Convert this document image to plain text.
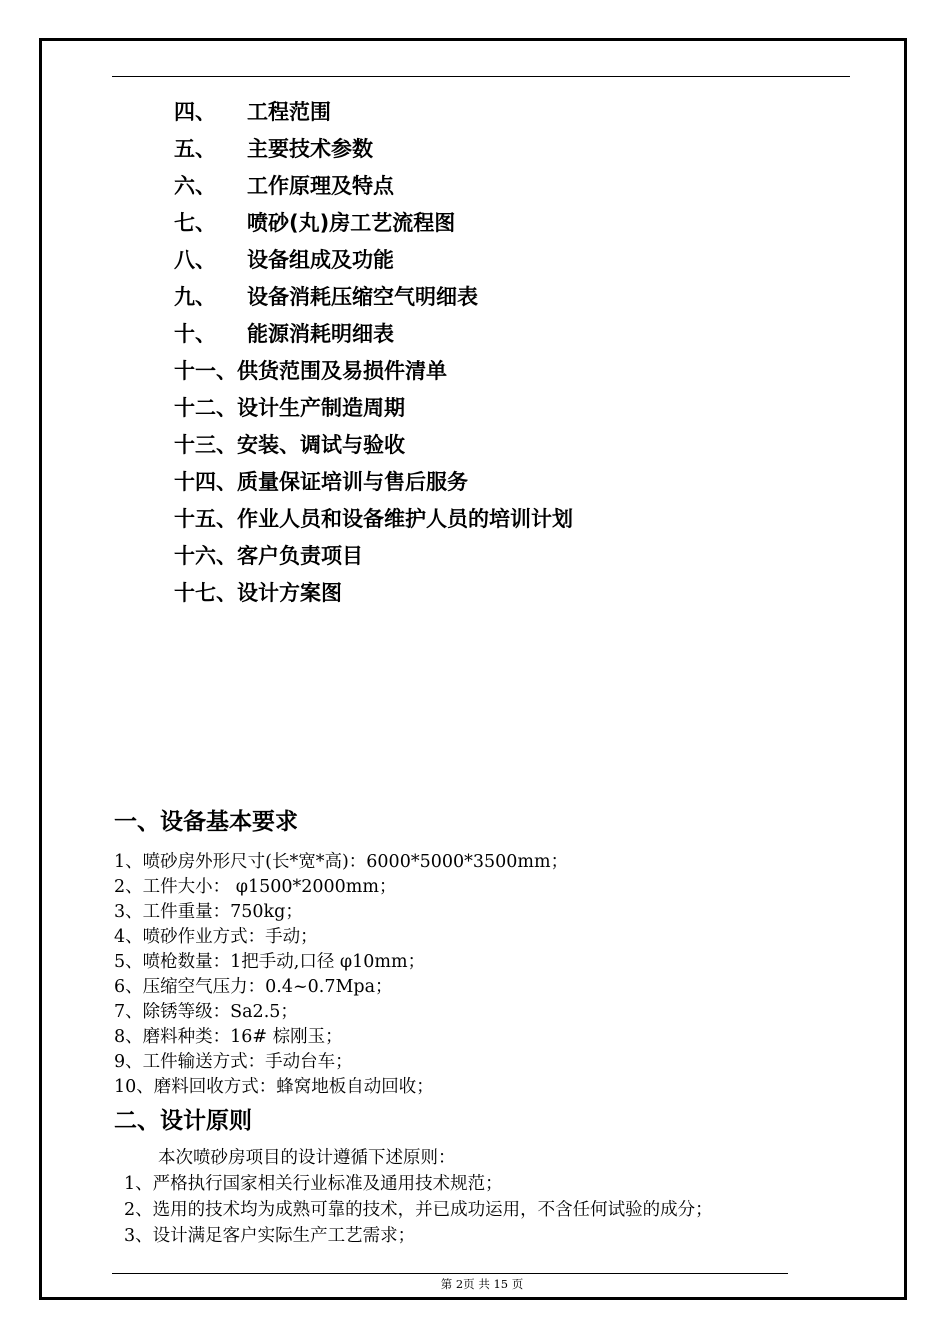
四、 工程范围
五、 主要技术参数
六、 工作原理及特点
七、 喷砂(丸)房工艺流程图
八、 设备组成及功能
九、 设备消耗压缩空气明细表
十、 能源消耗明细表
十一、供货范围及易损件清单
十二、设计生产制造周期
十三、安装、调试与验收
十四、质量保证培训与售后服务
十五、作业人员和设备维护人员的培训计划
十六、客户负责项目
十七、设计方案图
一、设备基本要求
1、喷砂房外形尺寸(长*宽*高)：6000*5000*3500mm；
2、工件大小： φ1500*2000mm；
3、工件重量：750kg；
4、喷砂作业方式：手动；
5、喷枪数量：1把手动,口径 φ10mm；
6、压缩空气压力：0.4~0.7Mpa；
7、除锈等级：Sa2.5；
8、磨料种类：16# 棕刚玉；
9、工件输送方式：手动台车；
10、磨料回收方式：蜂窝地板自动回收；
二、设计原则
本次喷砂房项目的设计遵循下述原则：
1、严格执行国家相关行业标准及通用技术规范；
2、选用的技术均为成熟可靠的技术，并已成功运用，不含任何试验的成分；
3、设计满足客户实际生产工艺需求；
第 2页 共 15 页
